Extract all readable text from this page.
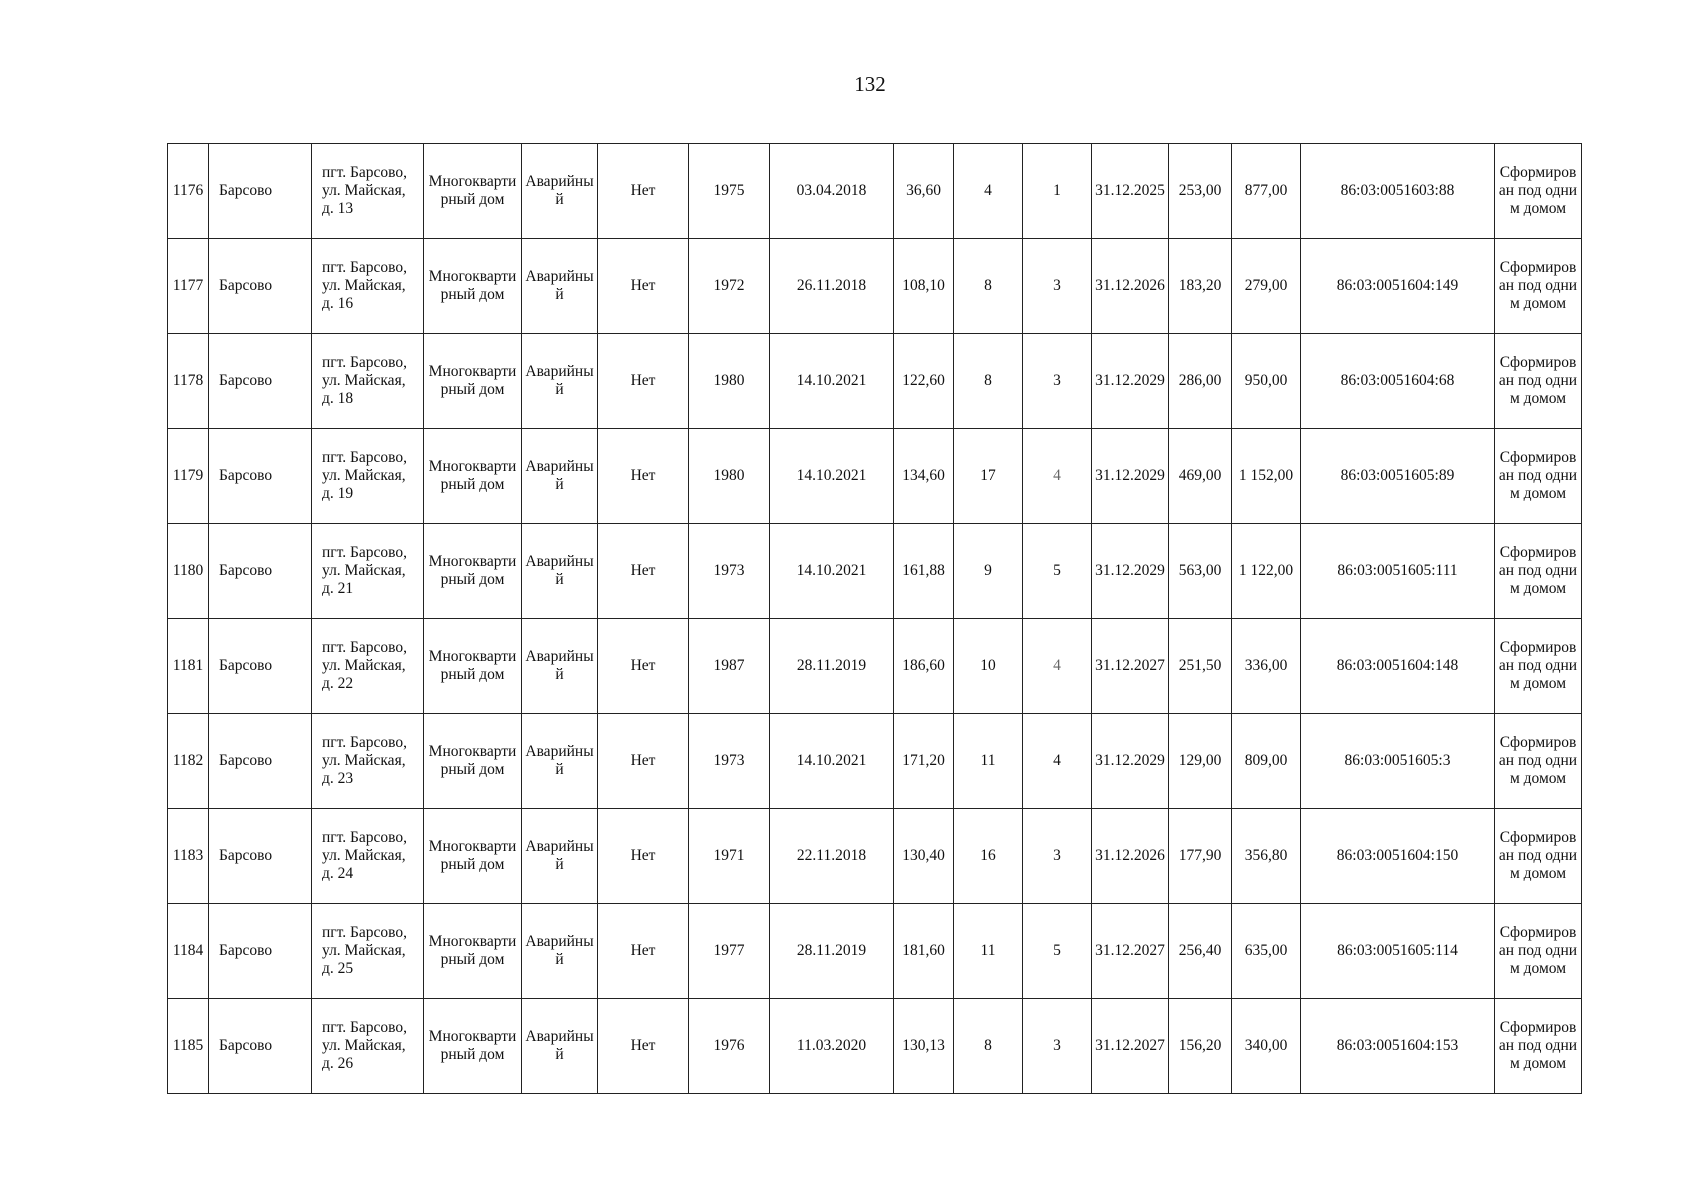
132
1176	Барсово	пгт. Барсово, ул. Майская, д. 13	Многоквартирный дом	Аварийный	Нет	1975	03.04.2018	36,60	4	1	31.12.2025	253,00	877,00	86:03:0051603:88	Сформирован под одним домом
1177	Барсово	пгт. Барсово, ул. Майская, д. 16	Многоквартирный дом	Аварийный	Нет	1972	26.11.2018	108,10	8	3	31.12.2026	183,20	279,00	86:03:0051604:149	Сформирован под одним домом
1178	Барсово	пгт. Барсово, ул. Майская, д. 18	Многоквартирный дом	Аварийный	Нет	1980	14.10.2021	122,60	8	3	31.12.2029	286,00	950,00	86:03:0051604:68	Сформирован под одним домом
1179	Барсово	пгт. Барсово, ул. Майская, д. 19	Многоквартирный дом	Аварийный	Нет	1980	14.10.2021	134,60	17	4	31.12.2029	469,00	1 152,00	86:03:0051605:89	Сформирован под одним домом
1180	Барсово	пгт. Барсово, ул. Майская, д. 21	Многоквартирный дом	Аварийный	Нет	1973	14.10.2021	161,88	9	5	31.12.2029	563,00	1 122,00	86:03:0051605:111	Сформирован под одним домом
1181	Барсово	пгт. Барсово, ул. Майская, д. 22	Многоквартирный дом	Аварийный	Нет	1987	28.11.2019	186,60	10	4	31.12.2027	251,50	336,00	86:03:0051604:148	Сформирован под одним домом
1182	Барсово	пгт. Барсово, ул. Майская, д. 23	Многоквартирный дом	Аварийный	Нет	1973	14.10.2021	171,20	11	4	31.12.2029	129,00	809,00	86:03:0051605:3	Сформирован под одним домом
1183	Барсово	пгт. Барсово, ул. Майская, д. 24	Многоквартирный дом	Аварийный	Нет	1971	22.11.2018	130,40	16	3	31.12.2026	177,90	356,80	86:03:0051604:150	Сформирован под одним домом
1184	Барсово	пгт. Барсово, ул. Майская, д. 25	Многоквартирный дом	Аварийный	Нет	1977	28.11.2019	181,60	11	5	31.12.2027	256,40	635,00	86:03:0051605:114	Сформирован под одним домом
1185	Барсово	пгт. Барсово, ул. Майская, д. 26	Многоквартирный дом	Аварийный	Нет	1976	11.03.2020	130,13	8	3	31.12.2027	156,20	340,00	86:03:0051604:153	Сформирован под одним домом
